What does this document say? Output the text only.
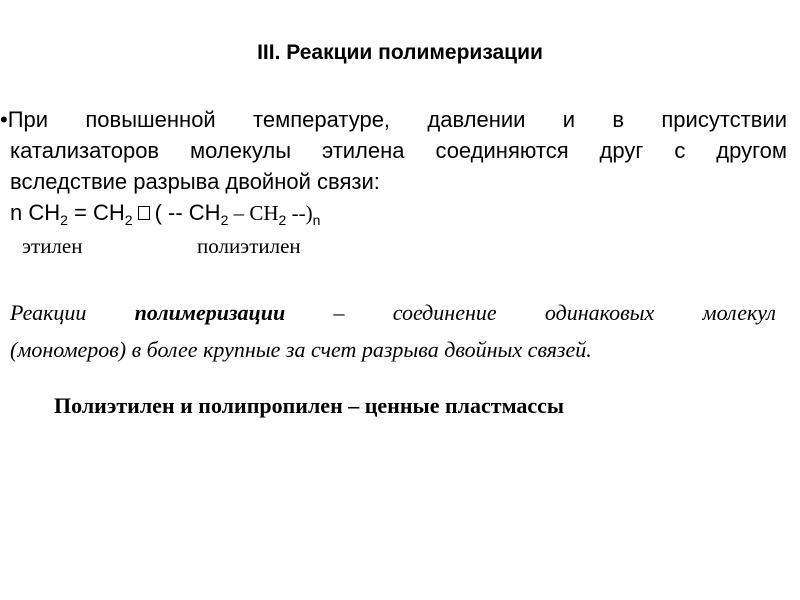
III. Реакции полимеризации
•При повышенной температуре, давлении и в присутствии
катализаторов молекулы этилена соединяются друг с другом
вследствие разрыва двойной связи:
n $CH_2 = CH_2$ ( -- $CH_2 - CH_2$ $--)_n$
этилен	полиэтилен
Реакции полимеризации – соединение одинаковых молекул
(мономеров) в более крупные за счет разрыва двойных связей.
Полиэтилен и полипропилен – ценные пластмассы
